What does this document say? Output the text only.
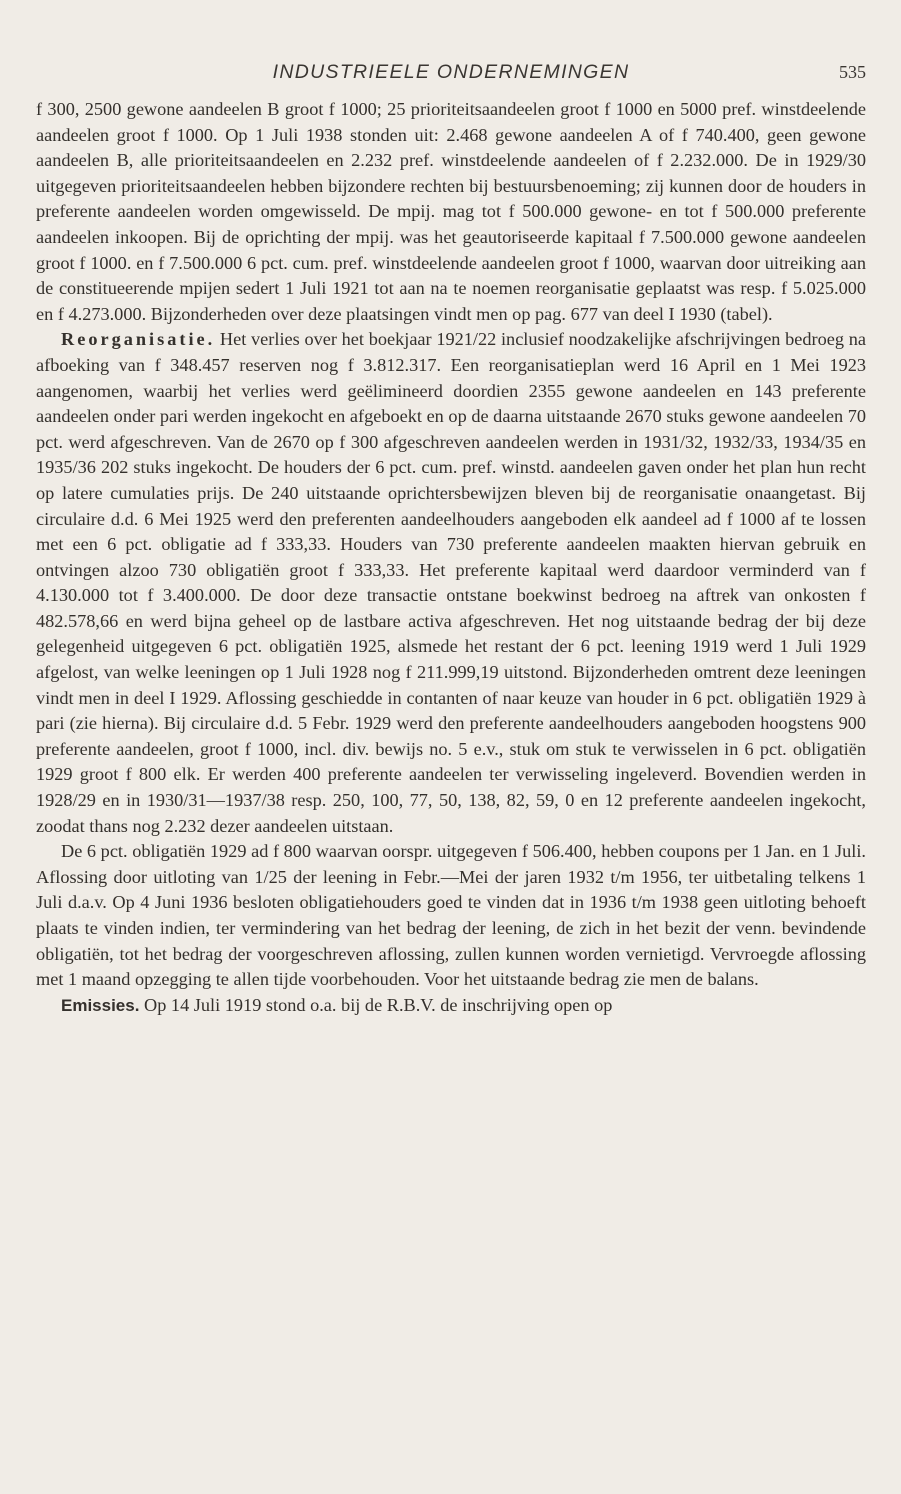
INDUSTRIEELE ONDERNEMINGEN	535

f 300, 2500 gewone aandeelen B groot f 1000; 25 prioriteitsaandeelen groot f 1000 en 5000 pref. winstdeelende aandeelen groot f 1000. Op 1 Juli 1938 stonden uit: 2.468 gewone aandeelen A of f 740.400, geen gewone aandeelen B, alle prioriteitsaandeelen en 2.232 pref. winstdeelende aandeelen of f 2.232.000. De in 1929/30 uitgegeven prioriteitsaandeelen hebben bijzondere rechten bij bestuursbenoeming; zij kunnen door de houders in preferente aandeelen worden omgewisseld. De mpij. mag tot f 500.000 gewone- en tot f 500.000 preferente aandeelen inkoopen. Bij de oprichting der mpij. was het geautoriseerde kapitaal f 7.500.000 gewone aandeelen groot f 1000. en f 7.500.000 6 pct. cum. pref. winstdeelende aandeelen groot f 1000, waarvan door uitreiking aan de constitueerende mpijen sedert 1 Juli 1921 tot aan na te noemen reorganisatie geplaatst was resp. f 5.025.000 en f 4.273.000. Bijzonderheden over deze plaatsingen vindt men op pag. 677 van deel I 1930 (tabel).

Reorganisatie. Het verlies over het boekjaar 1921/22 inclusief noodzakelijke afschrijvingen bedroeg na afboeking van f 348.457 reserven nog f 3.812.317. Een reorganisatieplan werd 16 April en 1 Mei 1923 aangenomen, waarbij het verlies werd geëlimineerd doordien 2355 gewone aandeelen en 143 preferente aandeelen onder pari werden ingekocht en afgeboekt en op de daarna uitstaande 2670 stuks gewone aandeelen 70 pct. werd afgeschreven. Van de 2670 op f 300 afgeschreven aandeelen werden in 1931/32, 1932/33, 1934/35 en 1935/36 202 stuks ingekocht. De houders der 6 pct. cum. pref. winstd. aandeelen gaven onder het plan hun recht op latere cumulaties prijs. De 240 uitstaande oprichtersbewijzen bleven bij de reorganisatie onaangetast. Bij circulaire d.d. 6 Mei 1925 werd den preferenten aandeelhouders aangeboden elk aandeel ad f 1000 af te lossen met een 6 pct. obligatie ad f 333,33. Houders van 730 preferente aandeelen maakten hiervan gebruik en ontvingen alzoo 730 obligatiën groot f 333,33. Het preferente kapitaal werd daardoor verminderd van f 4.130.000 tot f 3.400.000. De door deze transactie ontstane boekwinst bedroeg na aftrek van onkosten f 482.578,66 en werd bijna geheel op de lastbare activa afgeschreven. Het nog uitstaande bedrag der bij deze gelegenheid uitgegeven 6 pct. obligatiën 1925, alsmede het restant der 6 pct. leening 1919 werd 1 Juli 1929 afgelost, van welke leeningen op 1 Juli 1928 nog f 211.999,19 uitstond. Bijzonderheden omtrent deze leeningen vindt men in deel I 1929. Aflossing geschiedde in contanten of naar keuze van houder in 6 pct. obligatiën 1929 à pari (zie hierna). Bij circulaire d.d. 5 Febr. 1929 werd den preferente aandeelhouders aangeboden hoogstens 900 preferente aandeelen, groot f 1000, incl. div. bewijs no. 5 e.v., stuk om stuk te verwisselen in 6 pct. obligatiën 1929 groot f 800 elk. Er werden 400 preferente aandeelen ter verwisseling ingeleverd. Bovendien werden in 1928/29 en in 1930/31—1937/38 resp. 250, 100, 77, 50, 138, 82, 59, 0 en 12 preferente aandeelen ingekocht, zoodat thans nog 2.232 dezer aandeelen uitstaan.

De 6 pct. obligatiën 1929 ad f 800 waarvan oorspr. uitgegeven f 506.400, hebben coupons per 1 Jan. en 1 Juli. Aflossing door uitloting van 1/25 der leening in Febr.—Mei der jaren 1932 t/m 1956, ter uitbetaling telkens 1 Juli d.a.v. Op 4 Juni 1936 besloten obligatiehouders goed te vinden dat in 1936 t/m 1938 geen uitloting behoeft plaats te vinden indien, ter vermindering van het bedrag der leening, de zich in het bezit der venn. bevindende obligatiën, tot het bedrag der voorgeschreven aflossing, zullen kunnen worden vernietigd. Vervroegde aflossing met 1 maand opzegging te allen tijde voorbehouden. Voor het uitstaande bedrag zie men de balans.

Emissies. Op 14 Juli 1919 stond o.a. bij de R.B.V. de inschrijving open op
